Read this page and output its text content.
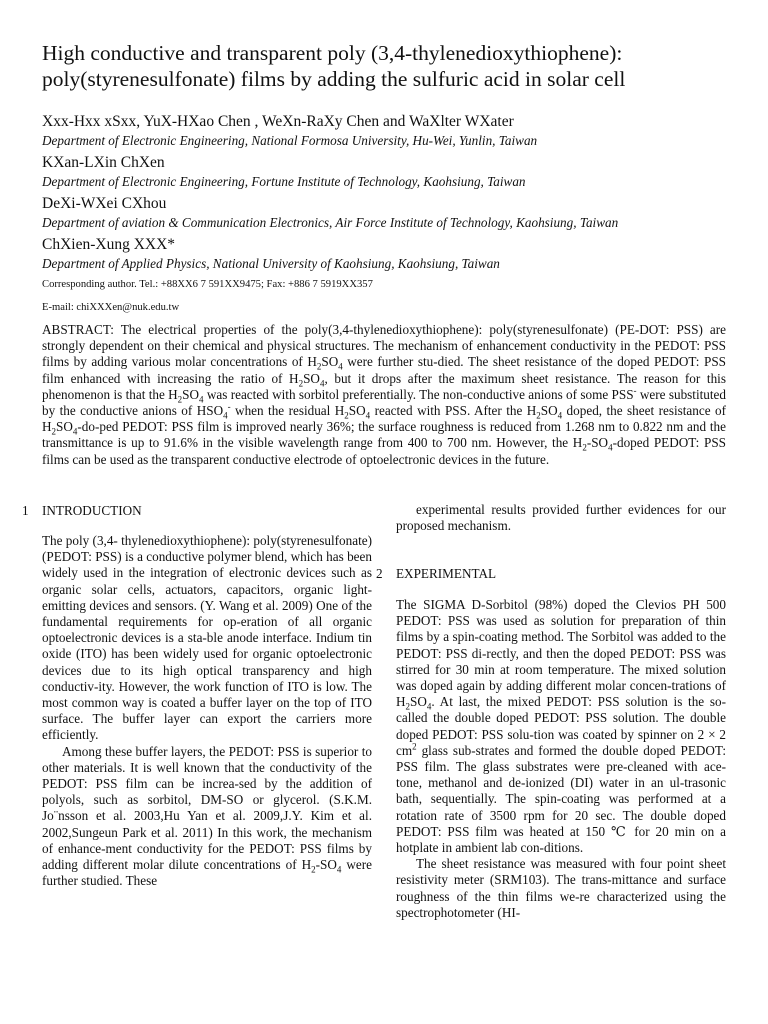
High conductive and transparent poly (3,4-thylenedioxythiophene):
poly(styrenesulfonate) films by adding the sulfuric acid in solar cell
Xxx-Hxx xSxx, YuX-HXao Chen , WeXn-RaXy Chen and WaXlter WXater
Department of Electronic Engineering, National Formosa University, Hu-Wei, Yunlin, Taiwan
KXan-LXin ChXen
Department of Electronic Engineering, Fortune Institute of Technology, Kaohsiung, Taiwan
DeXi-WXei CXhou
Department of aviation & Communication Electronics, Air Force Institute of Technology, Kaohsiung, Taiwan
ChXien-Xung XXX*
Department of Applied Physics, National University of Kaohsiung, Kaohsiung, Taiwan
Corresponding author. Tel.: +88XX6 7 591XX9475; Fax: +886 7 5919XX357
E-mail: chiXXXen@nuk.edu.tw
ABSTRACT: The electrical properties of the poly(3,4-thylenedioxythiophene): poly(styrenesulfonate) (PE-DOT: PSS) are strongly dependent on their chemical and physical structures. The mechanism of enhancement conductivity in the PEDOT: PSS films by adding various molar concentrations of $H_2SO_4$ were further stu-died. The sheet resistance of the doped PEDOT: PSS film enhanced with increasing the ratio of $H_2SO_4$, but it drops after the maximum sheet resistance. The reason for this phenomenon is that the $H_2SO_4$ was reacted with sorbitol preferentially. The non-conductive anions of some PSS- were substituted by the conductive anions of $HSO_4^-$ when the residual $H_2SO_4$ reacted with PSS. After the $H_2SO_4$ doped, the sheet resistance of $H_2SO_4-do$-ped PEDOT: PSS film is improved nearly 36%; the surface roughness is reduced from 1.268 nm to 0.822 nm and the transmittance is up to 91.6% in the visible wavelength range from 400 to 700 nm. However, the $H_2-SO_4$-doped PEDOT: PSS films can be used as the transparent conductive electrode of optoelectronic devices in the future.
1 INTRODUCTION

The poly (3,4- thylenedioxythiophene): poly(styrenesulfonate) (PEDOT: PSS) is a conductive polymer blend, which has been widely used in the integration of electronic devices such as organic solar cells, actuators, capacitors, organic light-emitting devices and sensors. (Y. Wang et al. 2009) One of the fundamental requirements for op-eration of all organic optoelectronic devices is a sta-ble anode interface. Indium tin oxide (ITO) has been widely used for organic optoelectronic devices due to its high optical transparency and high conductiv-ity. However, the work function of ITO is low. The most common way is coated a buffer layer on the top of ITO surface. The buffer layer can export the carriers more efficiently.

Among these buffer layers, the PEDOT: PSS is superior to other materials. It is well known that the conductivity of the PEDOT: PSS film can be increa-sed by the addition of polyols, such as sorbitol, DM-SO or glycerol. (S.K.M. Jo¨nsson et al. 2003,Hu Yan et al. 2009,J.Y. Kim et al. 2002,Sungeun Park et al. 2011) In this work, the mechanism of enhance-ment conductivity for the PEDOT: PSS films by adding different molar dilute concentrations of $H_2-SO_4$ were further studied. These

experimental results provided further evidences for our proposed mechanism.
2 EXPERIMENTAL

The SIGMA D-Sorbitol (98%) doped the Clevios PH 500 PEDOT: PSS was used as solution for preparation of thin films by a spin-coating method. The Sorbitol was added to the PEDOT: PSS di-rectly, and then the doped PEDOT: PSS was stirred for 30 min at room temperature. The mixed solution was doped again by adding different molar concen-trations of $H_2SO_4$. At last, the mixed PEDOT: PSS solution is the so-called the double doped PEDOT: PSS solution. The double doped PEDOT: PSS solu-tion was coated by spinner on 2 × 2 $cm^2$ glass sub-strates and formed the double doped PEDOT: PSS film. The glass substrates were pre-cleaned with ace-tone, methanol and de-ionized (DI) water in an ul-trasonic bath, sequentially. The spin-coating was performed at a rotation rate of 3500 rpm for 20 sec. The double doped PEDOT: PSS film was heated at 150 ℃ for 20 min on a hotplate in ambient lab con-ditions.

The sheet resistance was measured with four point sheet resistivity meter (SRM103). The trans-mittance and surface roughness of the thin films we-re characterized using the spectrophotometer (HI-
